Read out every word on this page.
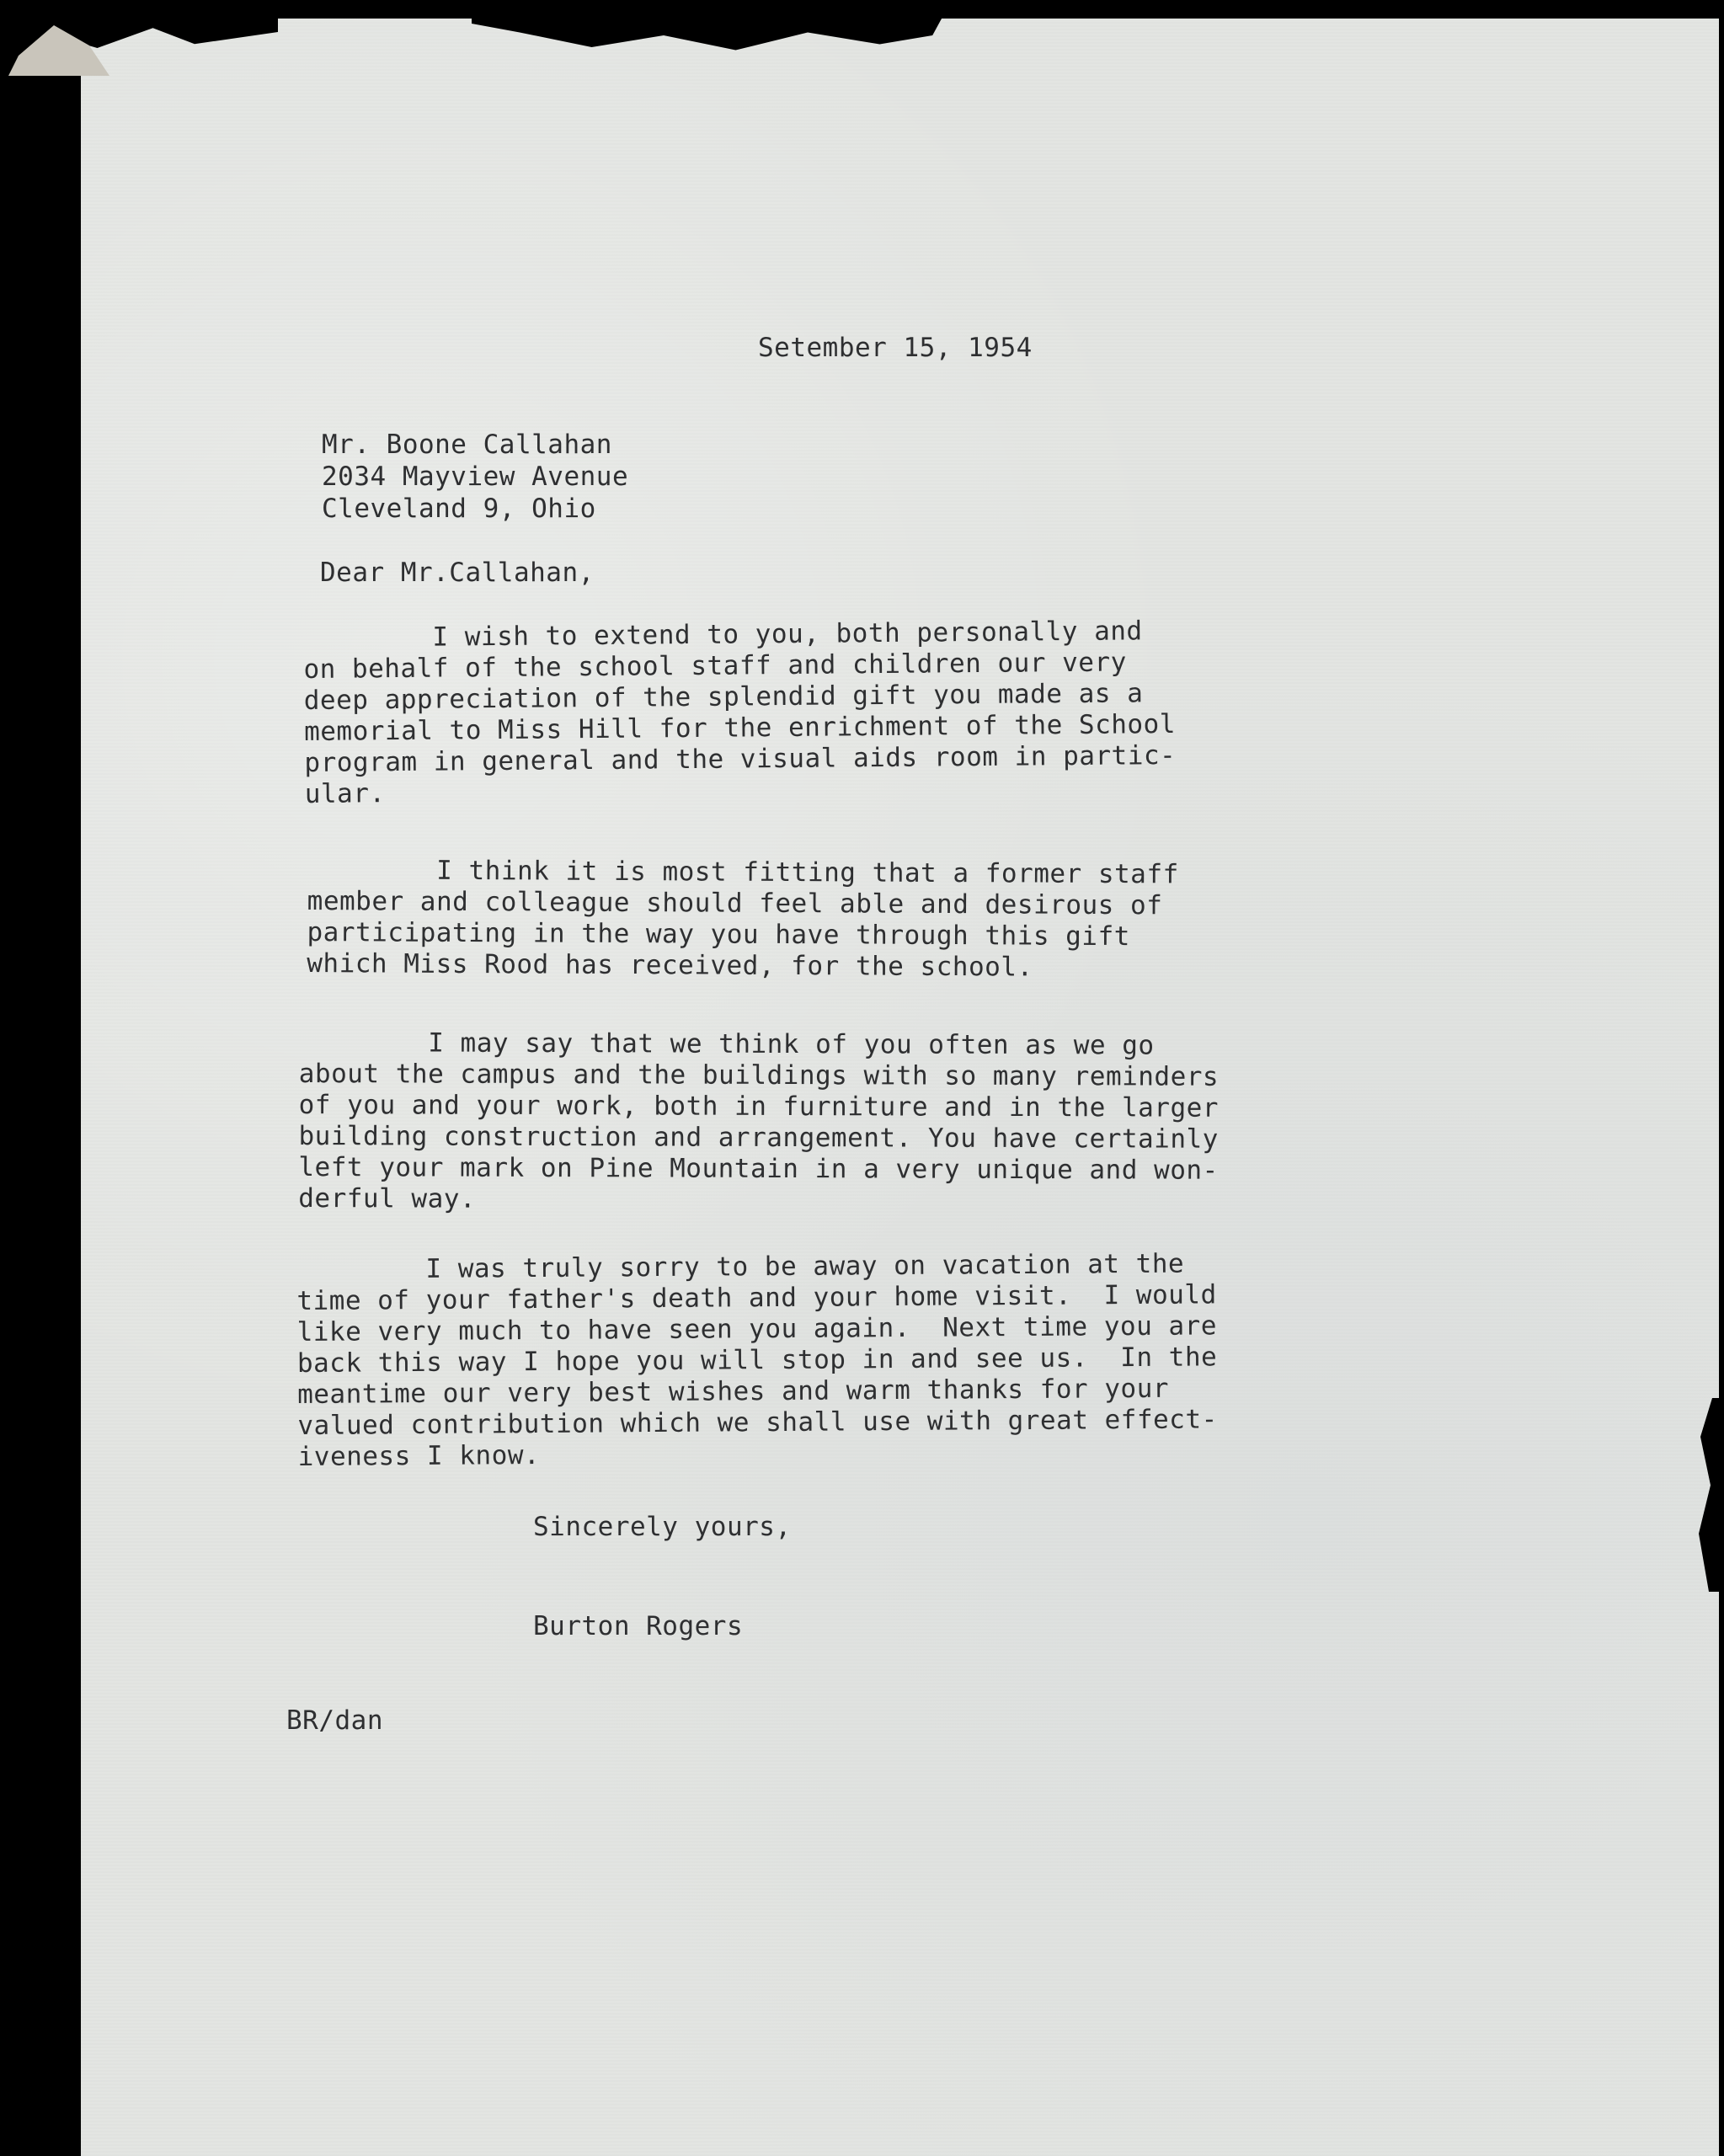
Setember 15, 1954
Mr. Boone Callahan
2034 Mayview Avenue
Cleveland 9, Ohio
Dear Mr.Callahan,
I wish to extend to you, both personally and
on behalf of the school staff and children our very
deep appreciation of the splendid gift you made as a
memorial to Miss Hill for the enrichment of the School
program in general and the visual aids room in partic-
ular.
I think it is most fitting that a former staff
member and colleague should feel able and desirous of
participating in the way you have through this gift
which Miss Rood has received, for the school.
I may say that we think of you often as we go
about the campus and the buildings with so many reminders
of you and your work, both in furniture and in the larger
building construction and arrangement. You have certainly
left your mark on Pine Mountain in a very unique and won-
derful way.
I was truly sorry to be away on vacation at the
time of your father's death and your home visit.  I would
like very much to have seen you again.  Next time you are
back this way I hope you will stop in and see us.  In the
meantime our very best wishes and warm thanks for your
valued contribution which we shall use with great effect-
iveness I know.
Sincerely yours,
Burton Rogers
BR/dan
